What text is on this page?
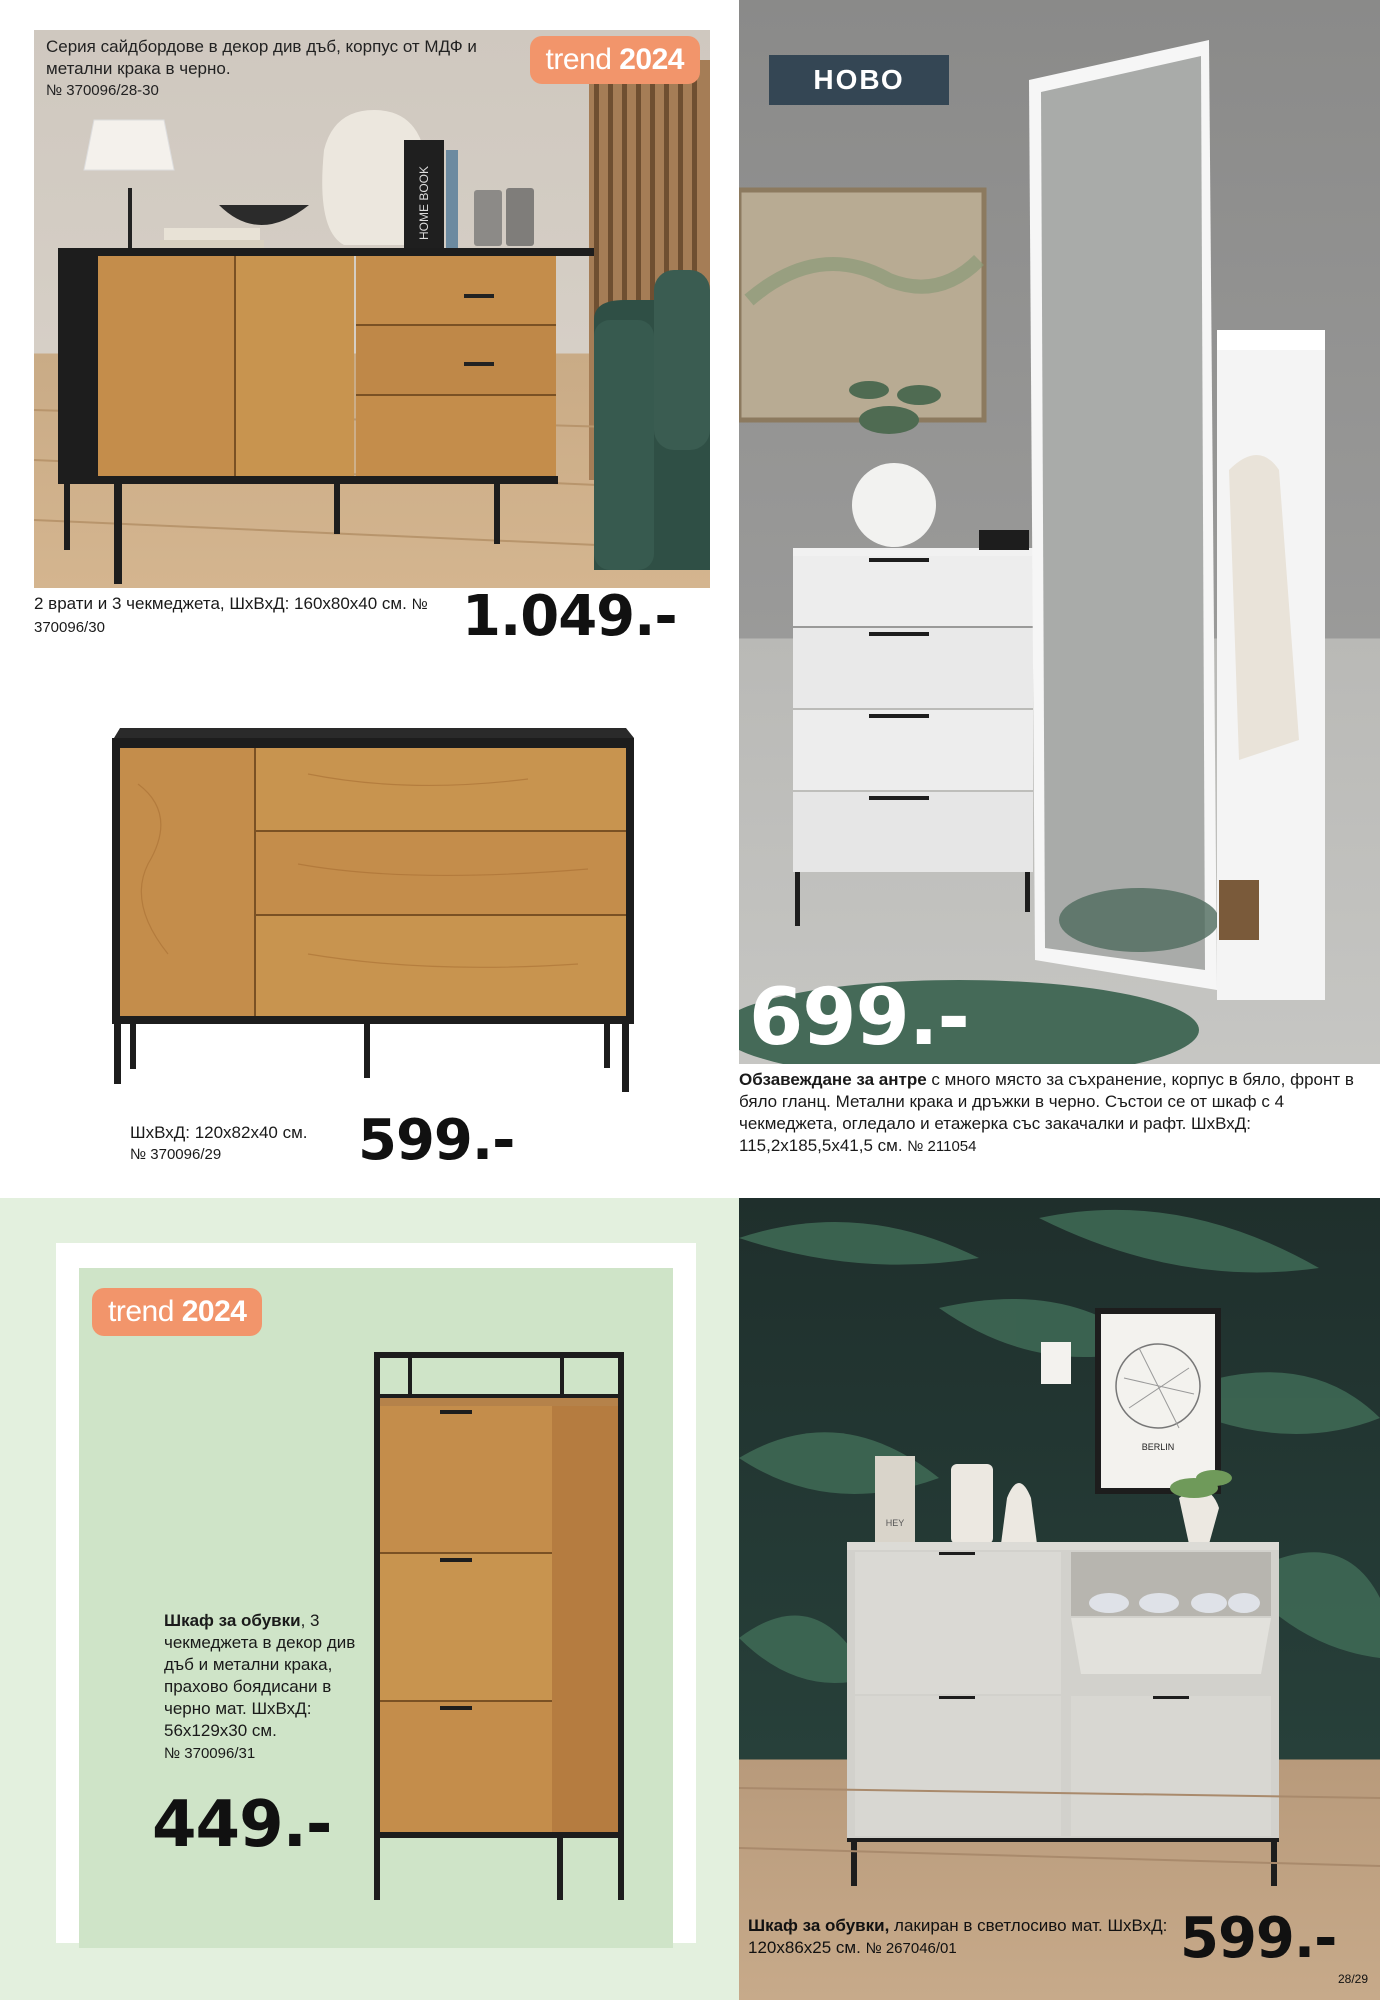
HOME BOOK
Серия сайдбордове в декор див дъб, корпус от МДФ и метални крака в черно.
№ 370096/28-30
trend 2024
2 врати и 3 чекмеджета, ШхВхД: 160х80х40 см. № 370096/30	1.049.-
ШхВхД: 120х82х40 см.
№ 370096/29	599.-
НОВО
699.-
Обзавеждане за антре с много място за съхранение, корпус в бяло, фронт в бяло гланц. Метални крака и дръжки в черно. Състои се от шкаф с 4 чекмеджета, огледало и етажерка със закачалки и рафт. ШхВхД: 115,2х185,5х41,5 см. № 211054
trend 2024
Шкаф за обувки, 3 чекмеджета в декор див дъб и метални крака, прахово боядисани в черно мат. ШхВхД: 56х129х30 см.
№ 370096/31
449.-
BERLIN
HEY
Шкаф за обувки, лакиран в светлосиво мат. ШхВхД: 120х86х25 см. № 267046/01	599.-
28/29
